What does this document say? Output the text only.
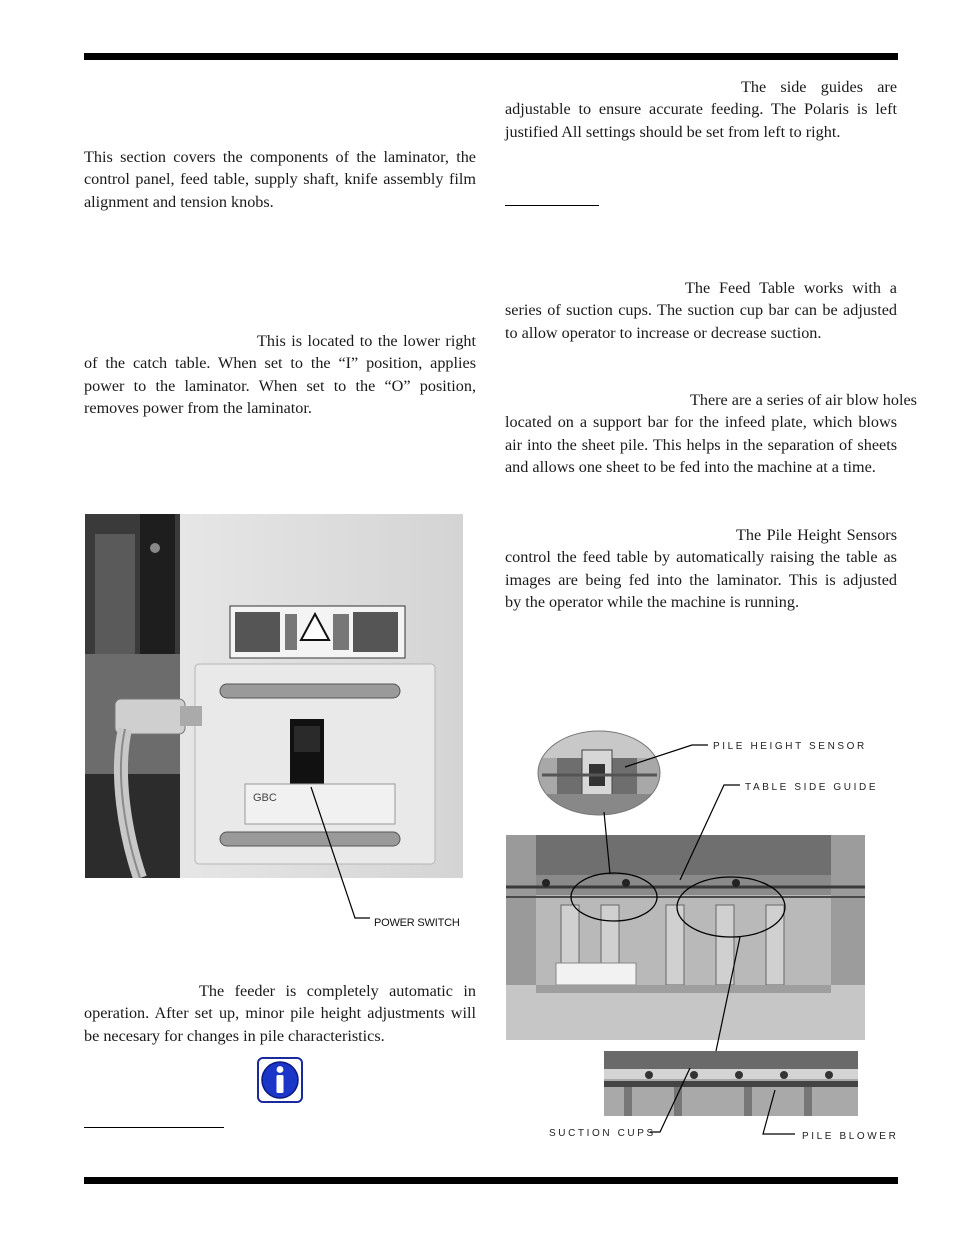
This section covers the components of the laminator, the
control panel, feed table, supply shaft, knife assembly film
alignment and tension knobs.

This is located to the lower right
of the catch table. When set to the “I” position, applies
power to the laminator. When set to the “O” position,
removes power from the laminator.

GBC
POWER SWITCH

The feeder is completely automatic in
operation. After set up, minor pile height adjustments will
be necesary for changes in pile characteristics.

The side guides are
adjustable to ensure accurate feeding. The Polaris is left
justified All settings should be set from left to right.

The Feed Table works with a
series of suction cups. The suction cup bar can be adjusted
to allow operator to increase or decrease suction.

There are a series of air blow holes
located on a support bar for the infeed plate, which blows
air into the sheet pile. This helps in the separation of sheets
and allows one sheet to be fed into the machine at a time.

The Pile Height Sensors
control the feed table by automatically raising the table as
images are being fed into the laminator. This is adjusted
by the operator while the machine is running.

PILE HEIGHT SENSOR
TABLE SIDE GUIDE
SUCTION CUPS	PILE BLOWER
